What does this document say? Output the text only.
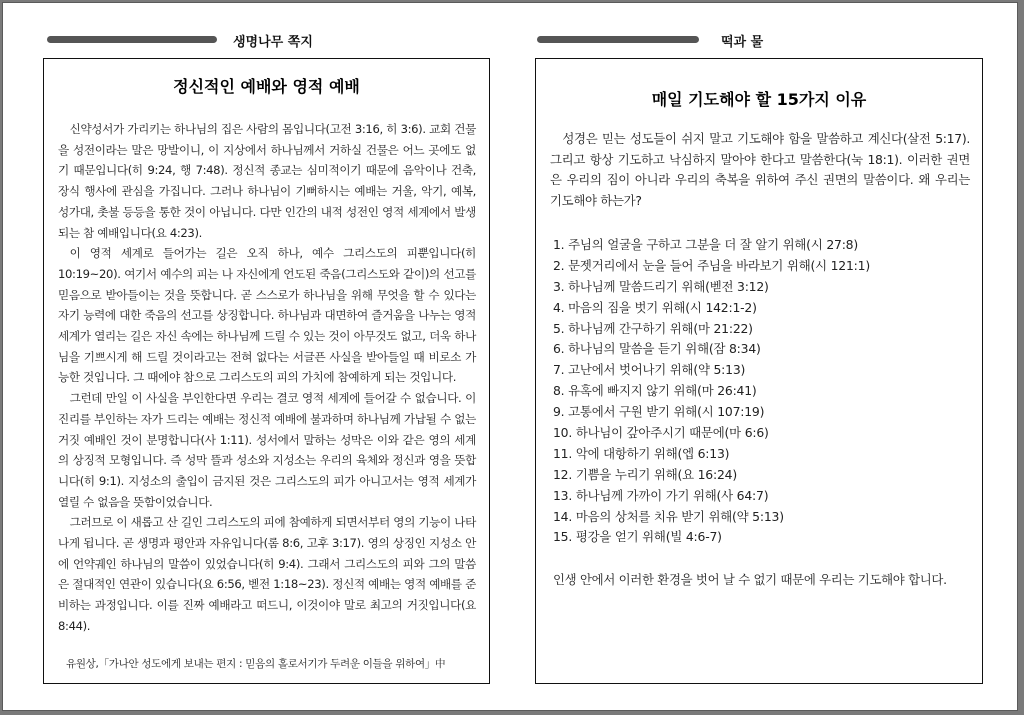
생명나무 쪽지	떡과 물
정신적인 예배와 영적 예배

신약성서가 가리키는 하나님의 집은 사람의 몸입니다(고전 3:16, 히 3:6). 교회 건물을 성전이라는 말은 망발이니, 이 지상에서 하나님께서 거하실 건물은 어느 곳에도 없기 때문입니다(히 9:24, 행 7:48). 정신적 종교는 심미적이기 때문에 음악이나 건축, 장식 행사에 관심을 가집니다. 그러나 하나님이 기뻐하시는 예배는 거울, 악기, 예복, 성가대, 촛불 등등을 통한 것이 아닙니다. 다만 인간의 내적 성전인 영적 세계에서 발생되는 참 예배입니다(요 4:23).

이 영적 세계로 들어가는 길은 오직 하나, 예수 그리스도의 피뿐입니다(히 10:19~20). 여기서 예수의 피는 나 자신에게 언도된 죽음(그리스도와 같이)의 선고를 믿음으로 받아들이는 것을 뜻합니다. 곧 스스로가 하나님을 위해 무엇을 할 수 있다는 자기 능력에 대한 죽음의 선고를 상징합니다. 하나님과 대면하여 즐거움을 나누는 영적 세계가 열리는 길은 자신 속에는 하나님께 드릴 수 있는 것이 아무것도 없고, 더욱 하나님을 기쁘시게 해 드릴 것이라고는 전혀 없다는 서글픈 사실을 받아들일 때 비로소 가능한 것입니다. 그 때에야 참으로 그리스도의 피의 가치에 참예하게 되는 것입니다.

그런데 만일 이 사실을 부인한다면 우리는 결코 영적 세계에 들어갈 수 없습니다. 이 진리를 부인하는 자가 드리는 예배는 정신적 예배에 불과하며 하나님께 가납될 수 없는 거짓 예배인 것이 분명합니다(사 1:11). 성서에서 말하는 성막은 이와 같은 영의 세계의 상징적 모형입니다. 즉 성막 뜰과 성소와 지성소는 우리의 육체와 정신과 영을 뜻합니다(히 9:1). 지성소의 출입이 금지된 것은 그리스도의 피가 아니고서는 영적 세계가 열릴 수 없음을 뜻함이었습니다.

그러므로 이 새롭고 산 길인 그리스도의 피에 참예하게 되면서부터 영의 기능이 나타나게 됩니다. 곧 생명과 평안과 자유입니다(롬 8:6, 고후 3:17). 영의 상징인 지성소 안에 언약궤인 하나님의 말씀이 있었습니다(히 9:4). 그래서 그리스도의 피와 그의 말씀은 절대적인 연관이 있습니다(요 6:56, 벧전 1:18~23). 정신적 예배는 영적 예배를 준비하는 과정입니다. 이를 진짜 예배라고 떠드니, 이것이야 말로 최고의 거짓입니다(요 8:44).

유원상,「가나안 성도에게 보내는 편지 : 믿음의 홀로서기가 두려운 이들을 위하여」中
매일 기도해야 할 15가지 이유

성경은 믿는 성도들이 쉬지 말고 기도해야 함을 말씀하고 계신다(살전 5:17). 그리고 항상 기도하고 낙심하지 말아야 한다고 말씀한다(눅 18:1). 이러한 권면은 우리의 짐이 아니라 우리의 축복을 위하여 주신 권면의 말씀이다. 왜 우리는 기도해야 하는가?

1. 주님의 얼굴을 구하고 그분을 더 잘 알기 위해(시 27:8)
2. 문젯거리에서 눈을 들어 주님을 바라보기 위해(시 121:1)
3. 하나님께 말씀드리기 위해(벧전 3:12)
4. 마음의 짐을 벗기 위해(시 142:1-2)
5. 하나님께 간구하기 위해(마 21:22)
6. 하나님의 말씀을 듣기 위해(잠 8:34)
7. 고난에서 벗어나기 위해(약 5:13)
8. 유혹에 빠지지 않기 위해(마 26:41)
9. 고통에서 구원 받기 위해(시 107:19)
10. 하나님이 갚아주시기 때문에(마 6:6)
11. 악에 대항하기 위해(엡 6:13)
12. 기쁨을 누리기 위해(요 16:24)
13. 하나님께 가까이 가기 위해(사 64:7)
14. 마음의 상처를 치유 받기 위해(약 5:13)
15. 평강을 얻기 위해(빌 4:6-7)
인생 안에서 이러한 환경을 벗어 날 수 없기 때문에 우리는 기도해야 합니다.
